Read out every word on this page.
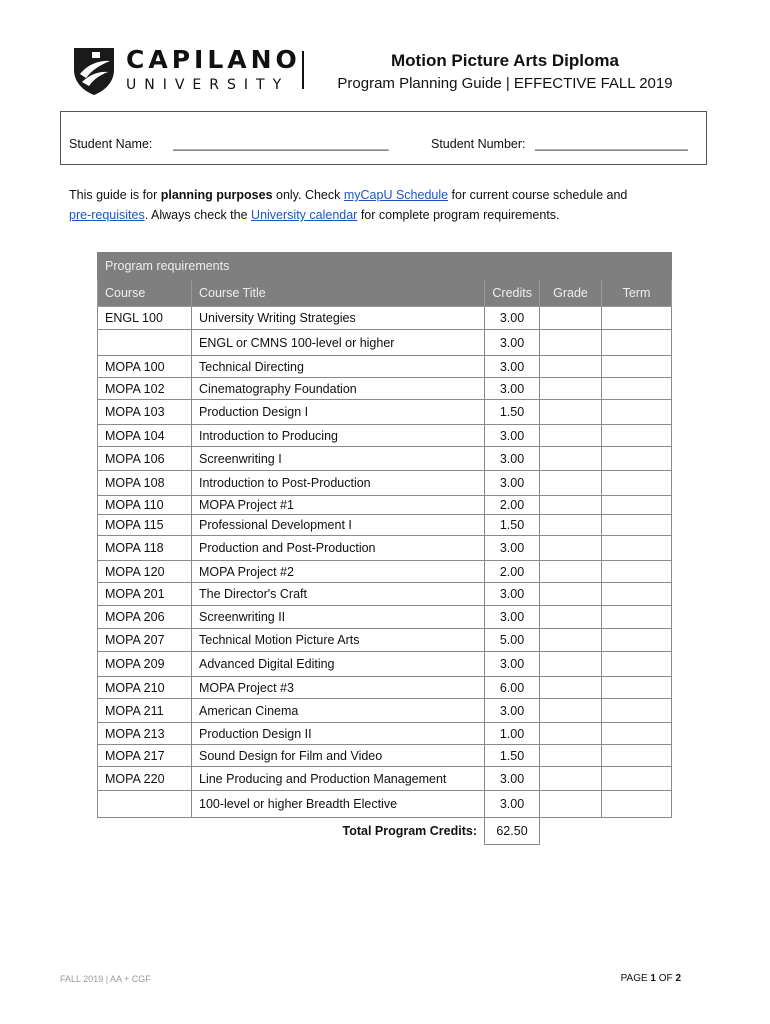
CAPILANO
UNIVERSITY
Motion Picture Arts Diploma
Program Planning Guide | EFFECTIVE FALL 2019
Student Name: _______________________________	Student Number: ______________________
This guide is for planning purposes only. Check myCapU Schedule for current course schedule and
pre-requisites. Always check the University calendar for complete program requirements.
Program requirements				
Course	Course Title	Credits	Grade	Term
ENGL 100	University Writing Strategies	3.00		
	ENGL or CMNS 100-level or higher	3.00		
MOPA 100	Technical Directing	3.00		
MOPA 102	Cinematography Foundation	3.00		
MOPA 103	Production Design I	1.50		
MOPA 104	Introduction to Producing	3.00		
MOPA 106	Screenwriting I	3.00		
MOPA 108	Introduction to Post-Production	3.00		
MOPA 110	MOPA Project #1	2.00		
MOPA 115	Professional Development I	1.50		
MOPA 118	Production and Post-Production	3.00		
MOPA 120	MOPA Project #2	2.00		
MOPA 201	The Director's Craft	3.00		
MOPA 206	Screenwriting II	3.00		
MOPA 207	Technical Motion Picture Arts	5.00		
MOPA 209	Advanced Digital Editing	3.00		
MOPA 210	MOPA Project #3	6.00		
MOPA 211	American Cinema	3.00		
MOPA 213	Production Design II	1.00		
MOPA 217	Sound Design for Film and Video	1.50		
MOPA 220	Line Producing and Production Management	3.00		
	100-level or higher Breadth Elective	3.00		
	Total Program Credits:	62.50		
FALL 2019 | AA + CGF	PAGE 1 OF 2
